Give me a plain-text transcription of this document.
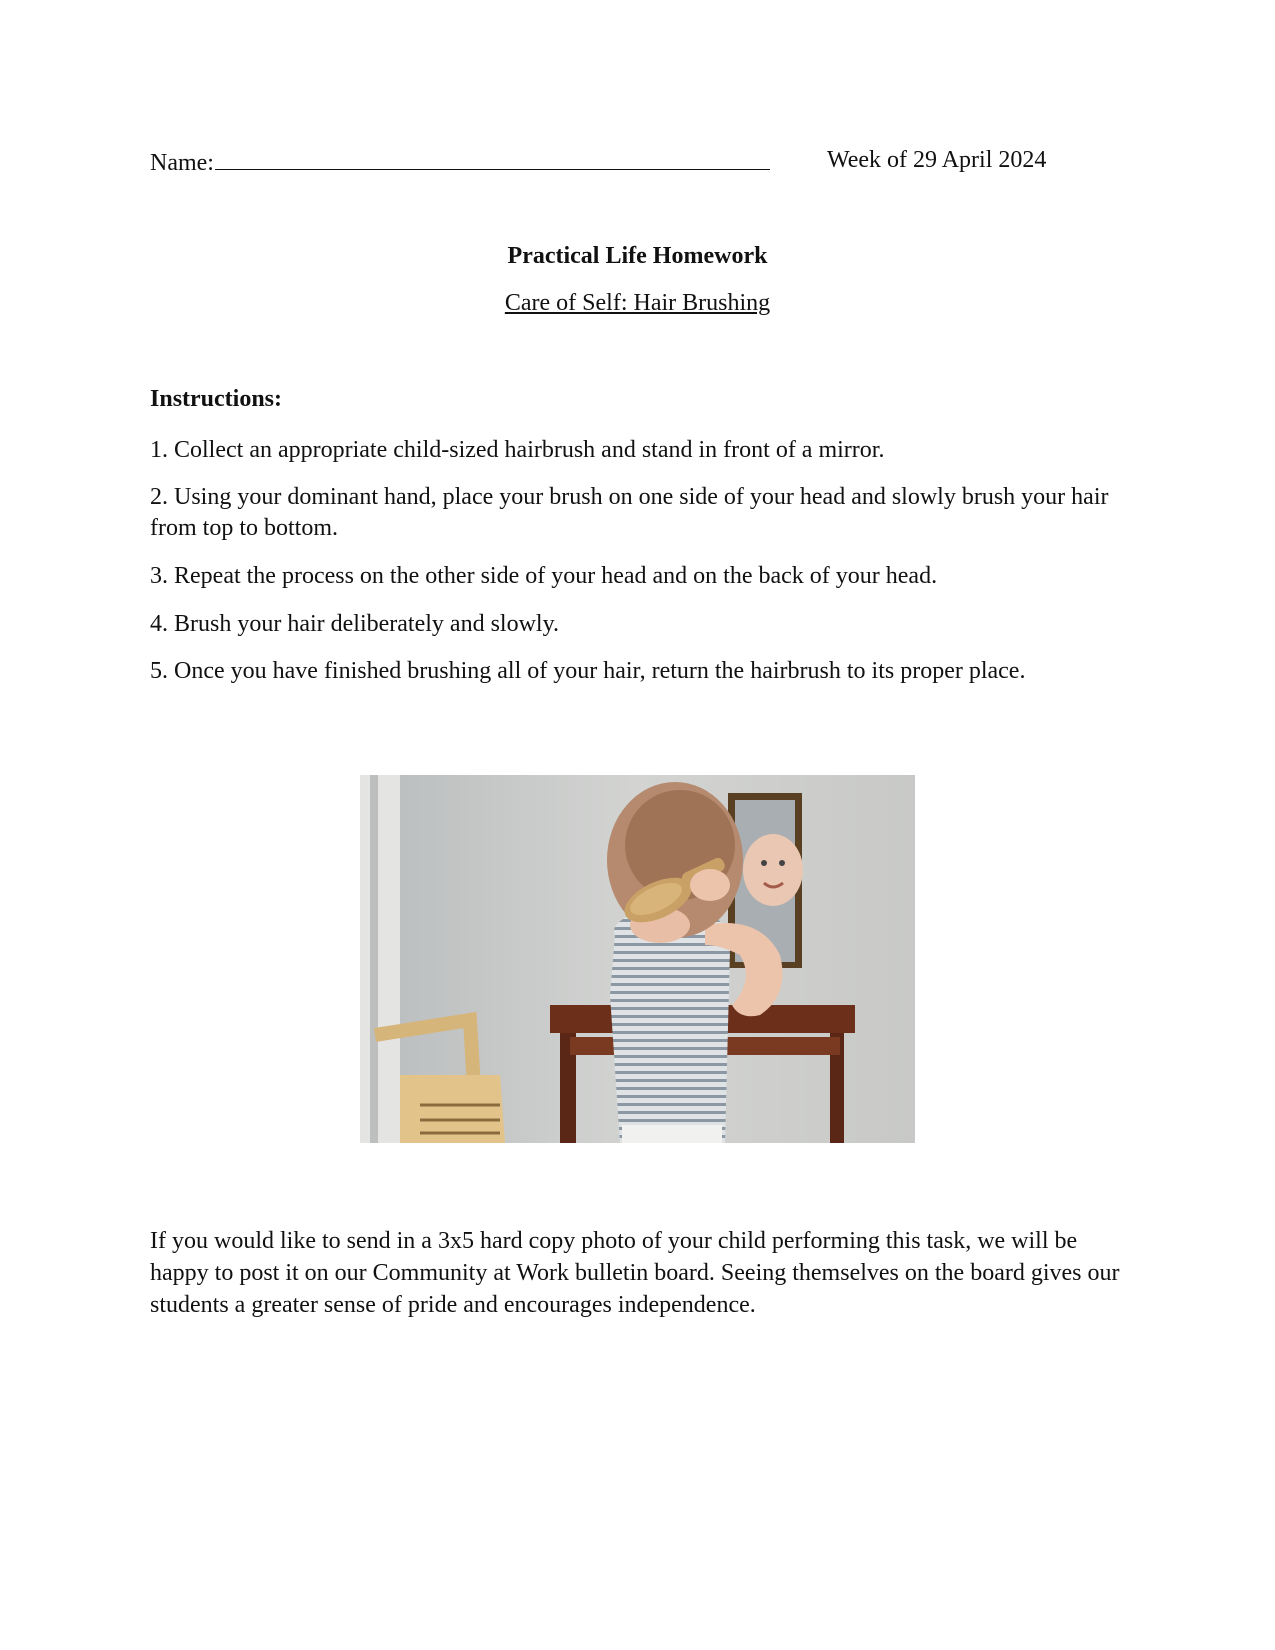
Name:	Week of 29 April 2024
Practical Life Homework
Care of Self: Hair Brushing
Instructions:
1. Collect an appropriate child-sized hairbrush and stand in front of a mirror.
2. Using your dominant hand, place your brush on one side of your head and slowly brush your hair from top to bottom.
3. Repeat the process on the other side of your head and on the back of your head.
4. Brush your hair deliberately and slowly.
5. Once you have finished brushing all of your hair, return the hairbrush to its proper place.
If you would like to send in a 3x5 hard copy photo of your child performing this task, we will be happy to post it on our Community at Work bulletin board. Seeing themselves on the board gives our students a greater sense of pride and encourages independence.
